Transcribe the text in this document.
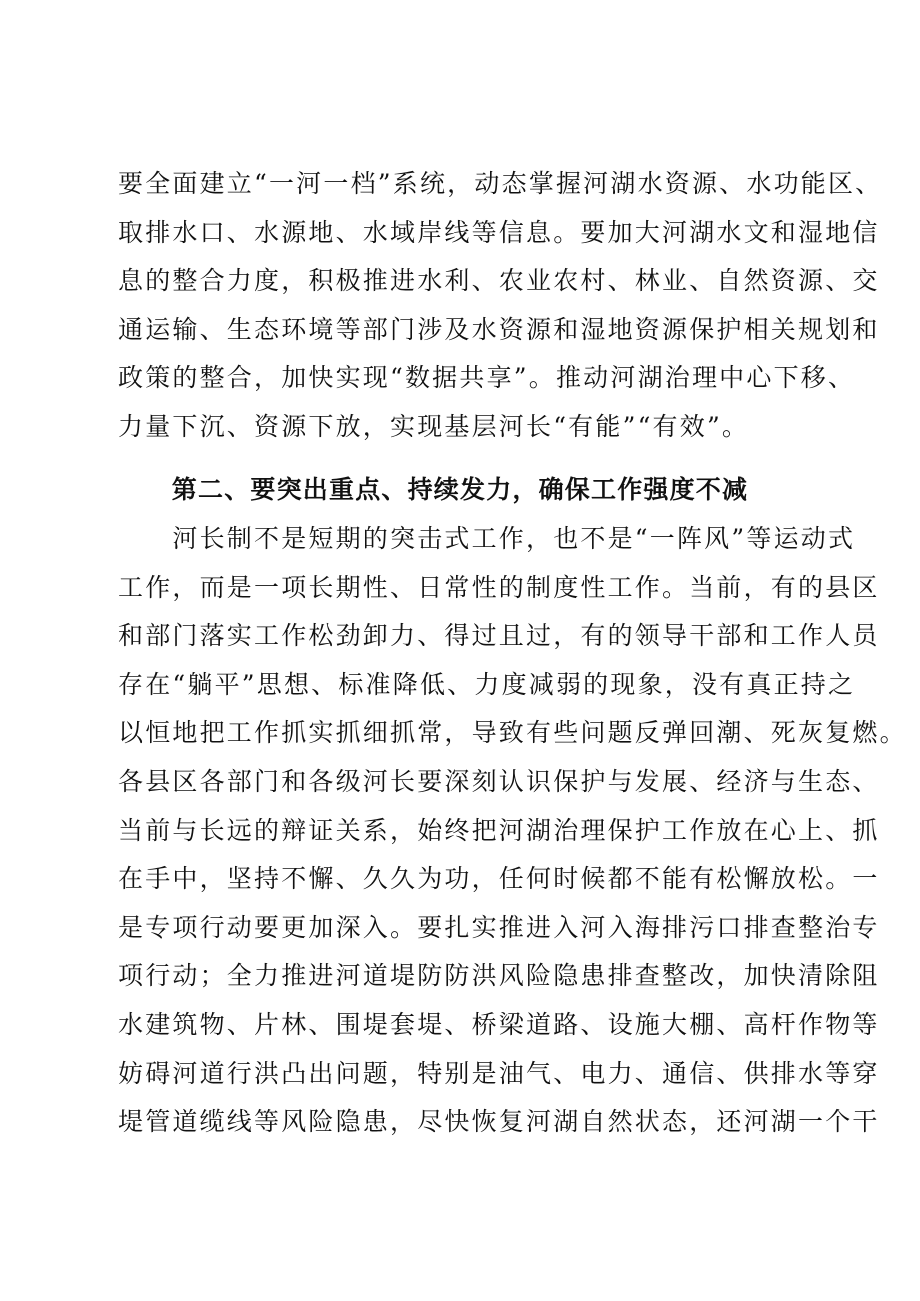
要全面建立“一河一档”系统，动态掌握河湖水资源、水功能区、
取排水口、水源地、水域岸线等信息。要加大河湖水文和湿地信
息的整合力度，积极推进水利、农业农村、林业、自然资源、交
通运输、生态环境等部门涉及水资源和湿地资源保护相关规划和
政策的整合，加快实现“数据共享”。推动河湖治理中心下移、
力量下沉、资源下放，实现基层河长“有能”“有效”。
第二、要突出重点、持续发力，确保工作强度不减
　　河长制不是短期的突击式工作，也不是“一阵风”等运动式
工作，而是一项长期性、日常性的制度性工作。当前，有的县区
和部门落实工作松劲卸力、得过且过，有的领导干部和工作人员
存在“躺平”思想、标准降低、力度减弱的现象，没有真正持之
以恒地把工作抓实抓细抓常，导致有些问题反弹回潮、死灰复燃。
各县区各部门和各级河长要深刻认识保护与发展、经济与生态、
当前与长远的辩证关系，始终把河湖治理保护工作放在心上、抓
在手中，坚持不懈、久久为功，任何时候都不能有松懈放松。一
是专项行动要更加深入。要扎实推进入河入海排污口排查整治专
项行动；全力推进河道堤防防洪风险隐患排查整改，加快清除阻
水建筑物、片林、围堤套堤、桥梁道路、设施大棚、高杆作物等
妨碍河道行洪凸出问题，特别是油气、电力、通信、供排水等穿
堤管道缆线等风险隐患，尽快恢复河湖自然状态，还河湖一个干
